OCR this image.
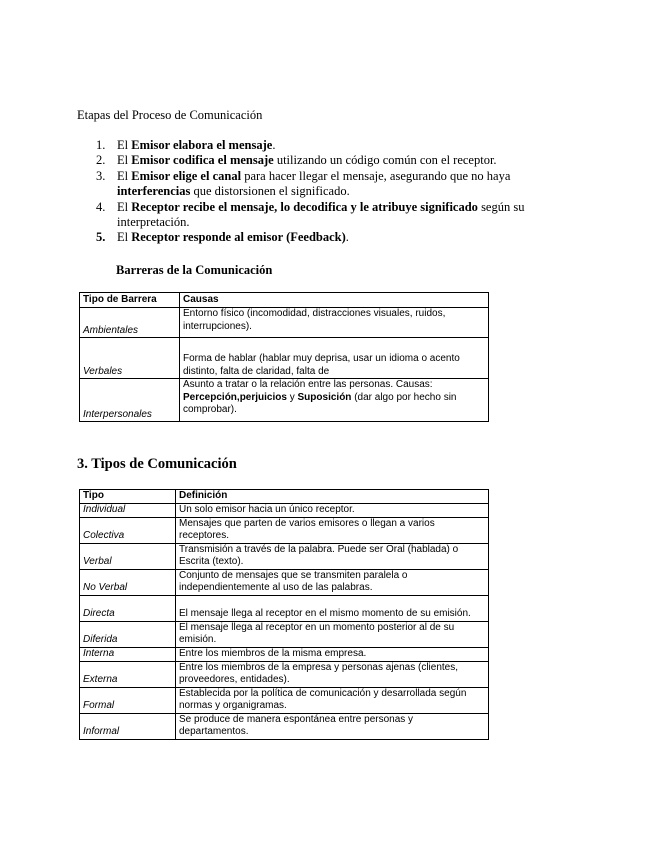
Etapas del Proceso de Comunicación
1. El Emisor elabora el mensaje.
2. El Emisor codifica el mensaje utilizando un código común con el receptor.
3. El Emisor elige el canal para hacer llegar el mensaje, asegurando que no haya interferencias que distorsionen el significado.
4. El Receptor recibe el mensaje, lo decodifica y le atribuye significado según su interpretación.
5. El Receptor responde al emisor (Feedback).
Barreras de la Comunicación
Tipo de Barrera	Causas
Ambientales	Entorno físico (incomodidad, distracciones visuales, ruidos, interrupciones).
Verbales	Forma de hablar (hablar muy deprisa, usar un idioma o acento distinto, falta de claridad, falta de
Interpersonales	Asunto a tratar o la relación entre las personas. Causas: Percepción,perjuicios y Suposición (dar algo por hecho sin comprobar).
3. Tipos de Comunicación
Tipo	Definición
Individual	Un solo emisor hacia un único receptor.
Colectiva	Mensajes que parten de varios emisores o llegan a varios receptores.
Verbal	Transmisión a través de la palabra. Puede ser Oral (hablada) o Escrita (texto).
No Verbal	Conjunto de mensajes que se transmiten paralela o independientemente al uso de las palabras.
Directa	El mensaje llega al receptor en el mismo momento de su emisión.
Diferida	El mensaje llega al receptor en un momento posterior al de su emisión.
Interna	Entre los miembros de la misma empresa.
Externa	Entre los miembros de la empresa y personas ajenas (clientes, proveedores, entidades).
Formal	Establecida por la política de comunicación y desarrollada según normas y organigramas.
Informal	Se produce de manera espontánea entre personas y departamentos.
